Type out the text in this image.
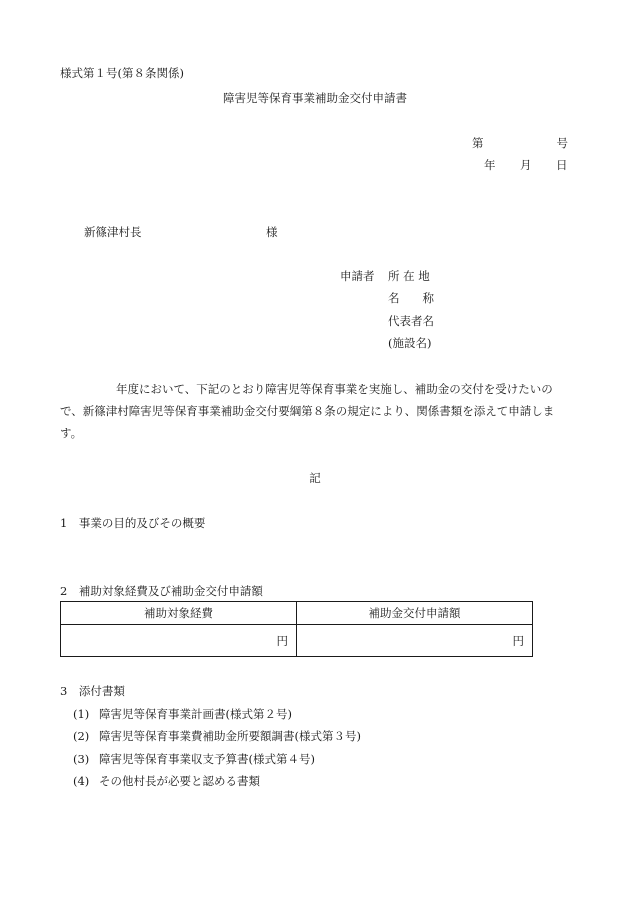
様式第１号(第８条関係)
障害児等保育事業補助金交付申請書
第	号
年 月 日
新篠津村長	様
申請者 所 在 地
名　　称
代表者名
(施設名)
年度において、下記のとおり障害児等保育事業を実施し、補助金の交付を受けたいので、新篠津村障害児等保育事業補助金交付要綱第８条の規定により、関係書類を添えて申請します。
記
1　事業の目的及びその概要
2　補助対象経費及び補助金交付申請額
補助対象経費	補助金交付申請額
円	円
3　添付書類
(1) 障害児等保育事業計画書(様式第２号)
(2) 障害児等保育事業費補助金所要額調書(様式第３号)
(3) 障害児等保育事業収支予算書(様式第４号)
(4) その他村長が必要と認める書類
